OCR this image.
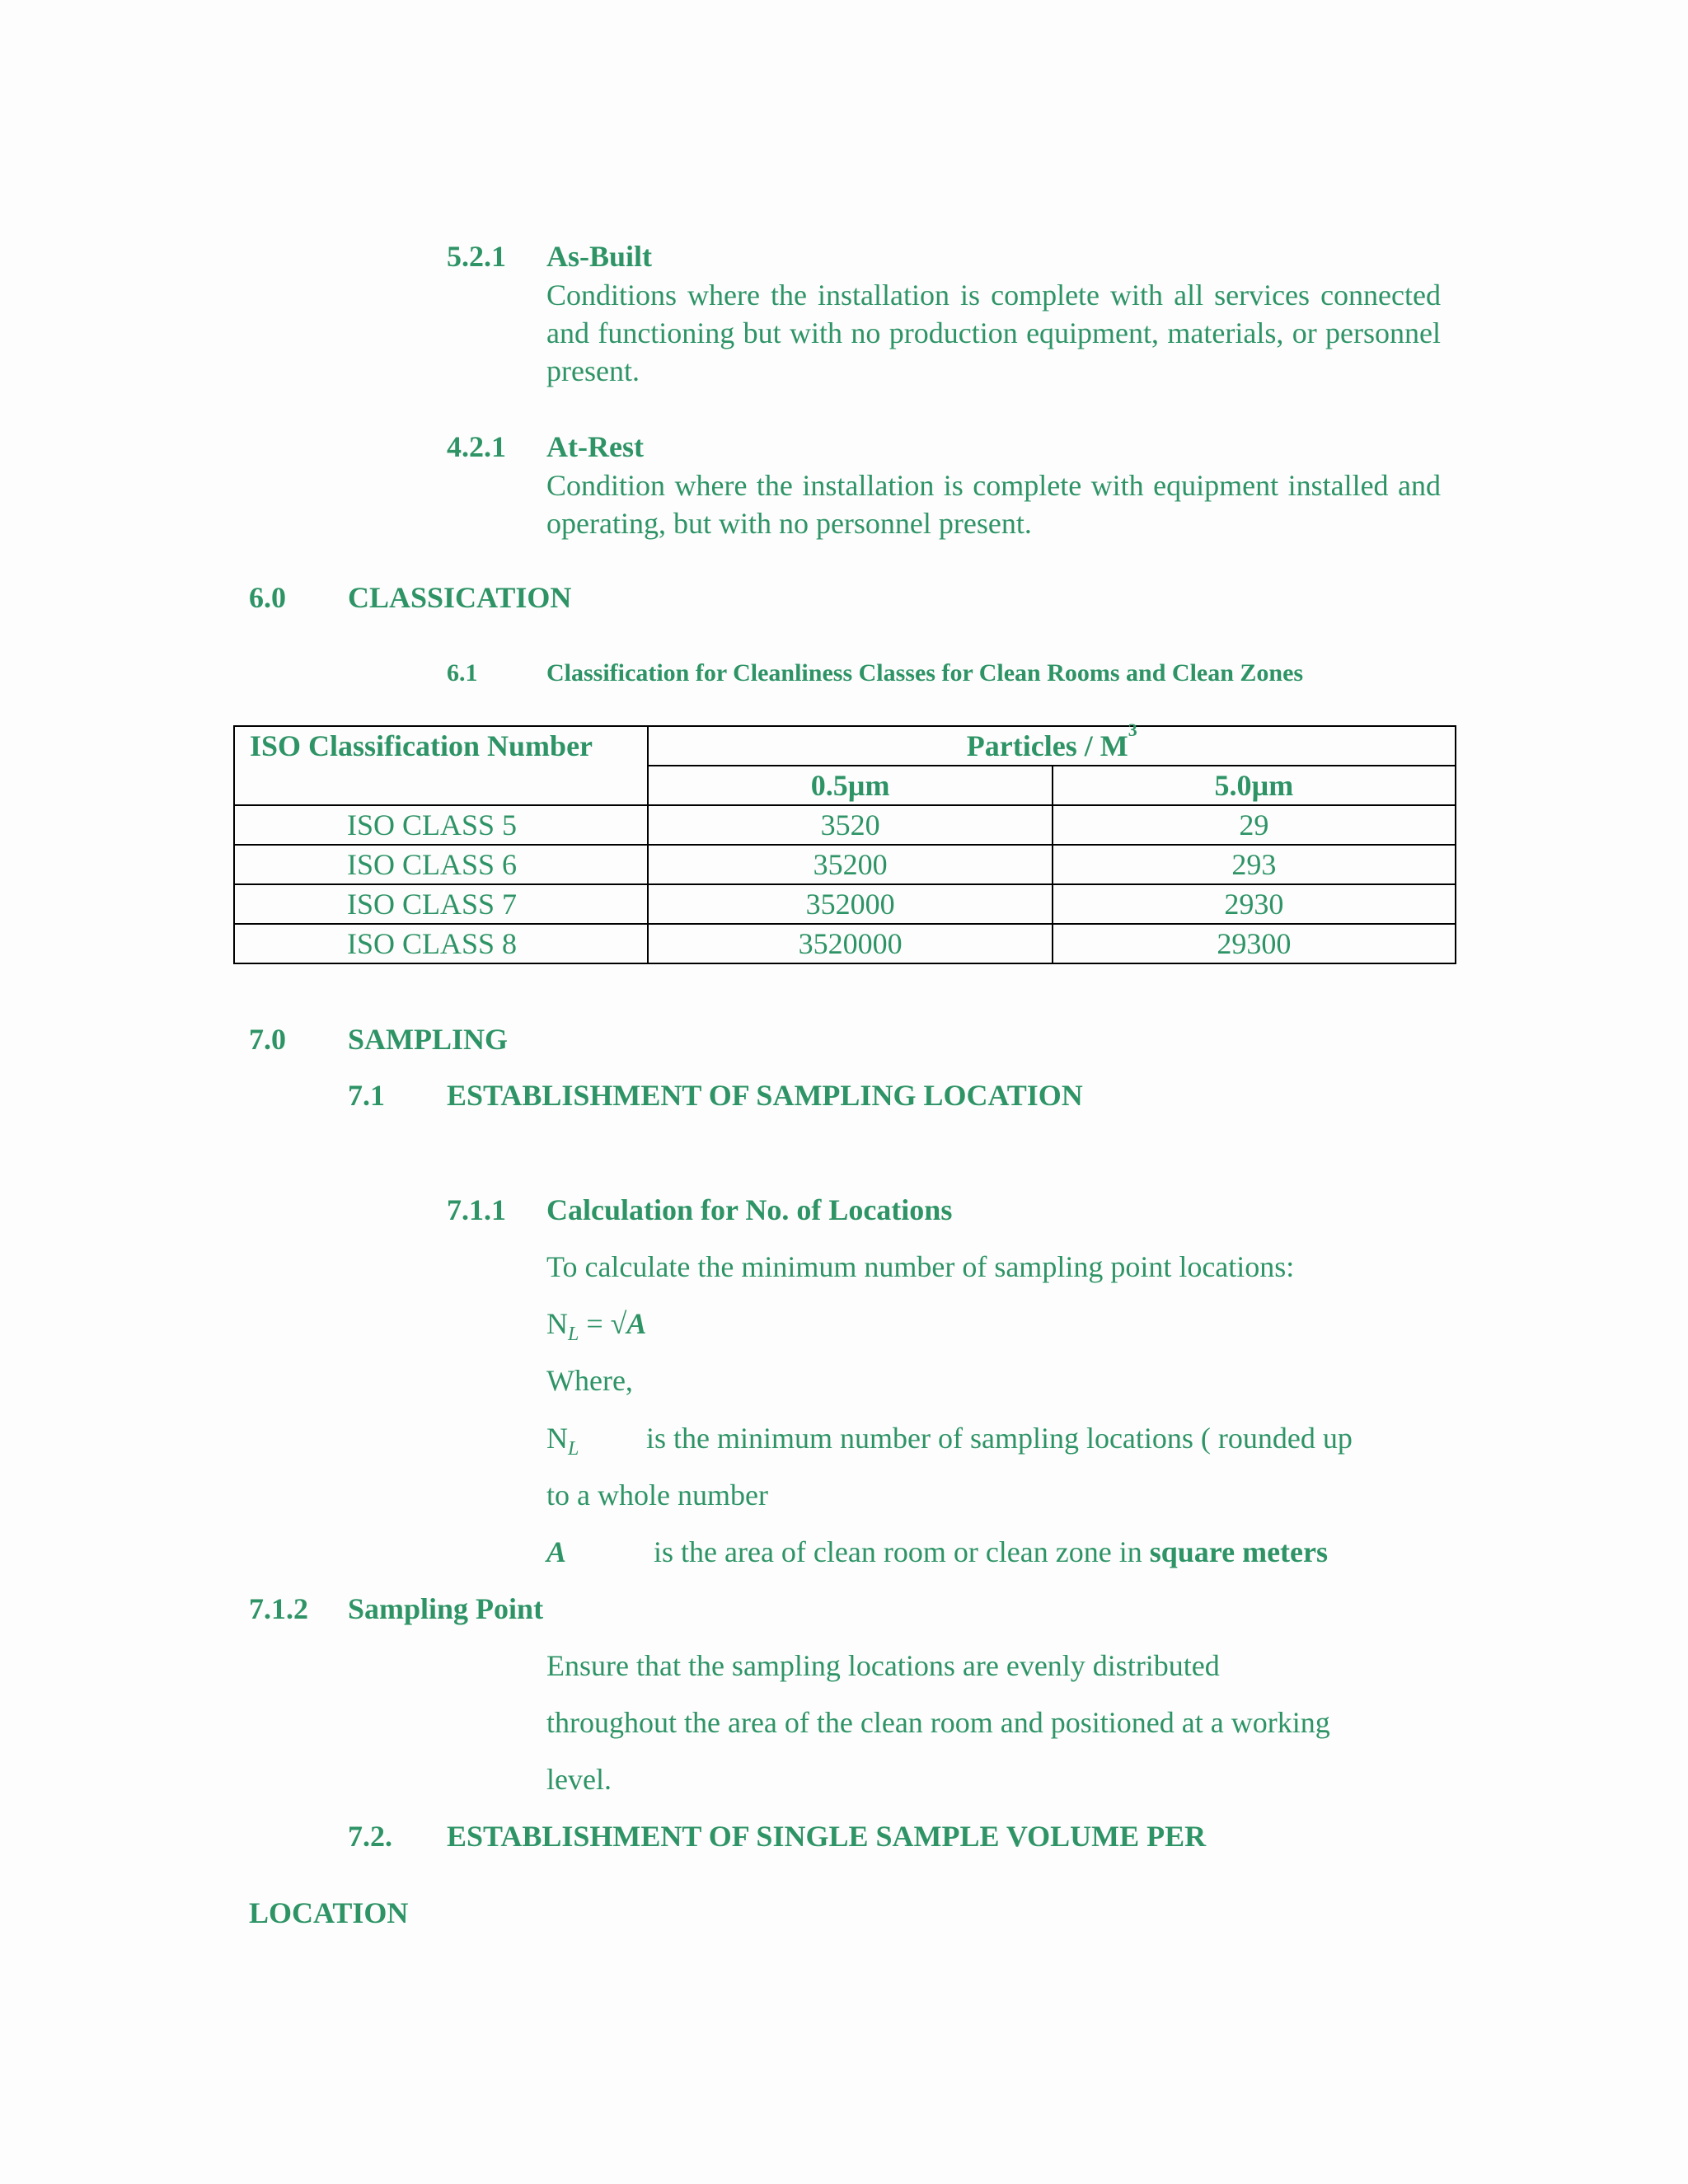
5.2.1 As-Built
Conditions where the installation is complete with all services connected and functioning but with no production equipment, materials, or personnel present.
4.2.1 At-Rest
Condition where the installation is complete with equipment installed and operating, but with no personnel present.
6.0 CLASSICATION
6.1	Classification for Cleanliness Classes for Clean Rooms and Clean Zones
ISO Classification Number	Particles / $M^3$
	0.5µm	5.0µm
ISO CLASS 5	3520	29
ISO CLASS 6	35200	293
ISO CLASS 7	352000	2930
ISO CLASS 8	3520000	29300
7.0 SAMPLING
7.1 ESTABLISHMENT OF SAMPLING LOCATION
7.1.1 Calculation for No. of Locations
To calculate the minimum number of sampling point locations:
$N_L = √A$
Where,
$N_L$ is the minimum number of sampling locations ( rounded up
to a whole number
A	is the area of clean room or clean zone in square meters
7.1.2 Sampling Point
Ensure that the sampling locations are evenly distributed
throughout the area of the clean room and positioned at a working
level.
7.2. ESTABLISHMENT OF SINGLE SAMPLE VOLUME PER
LOCATION
